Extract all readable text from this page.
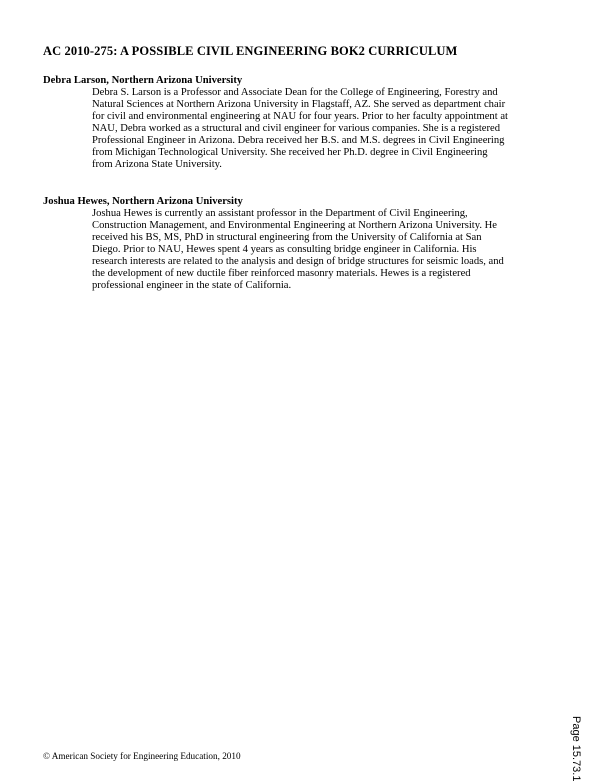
AC 2010-275: A POSSIBLE CIVIL ENGINEERING BOK2 CURRICULUM
Debra Larson, Northern Arizona University
Debra S. Larson is a Professor and Associate Dean for the College of Engineering, Forestry and
Natural Sciences at Northern Arizona University in Flagstaff, AZ. She served as department chair
for civil and environmental engineering at NAU for four years. Prior to her faculty appointment at
NAU, Debra worked as a structural and civil engineer for various companies. She is a registered
Professional Engineer in Arizona. Debra received her B.S. and M.S. degrees in Civil Engineering
from Michigan Technological University. She received her Ph.D. degree in Civil Engineering
from Arizona State University.
Joshua Hewes, Northern Arizona University
Joshua Hewes is currently an assistant professor in the Department of Civil Engineering,
Construction Management, and Environmental Engineering at Northern Arizona University. He
received his BS, MS, PhD in structural engineering from the University of California at San
Diego. Prior to NAU, Hewes spent 4 years as consulting bridge engineer in California. His
research interests are related to the analysis and design of bridge structures for seismic loads, and
the development of new ductile fiber reinforced masonry materials. Hewes is a registered
professional engineer in the state of California.
© American Society for Engineering Education, 2010	Page 15.73.1
